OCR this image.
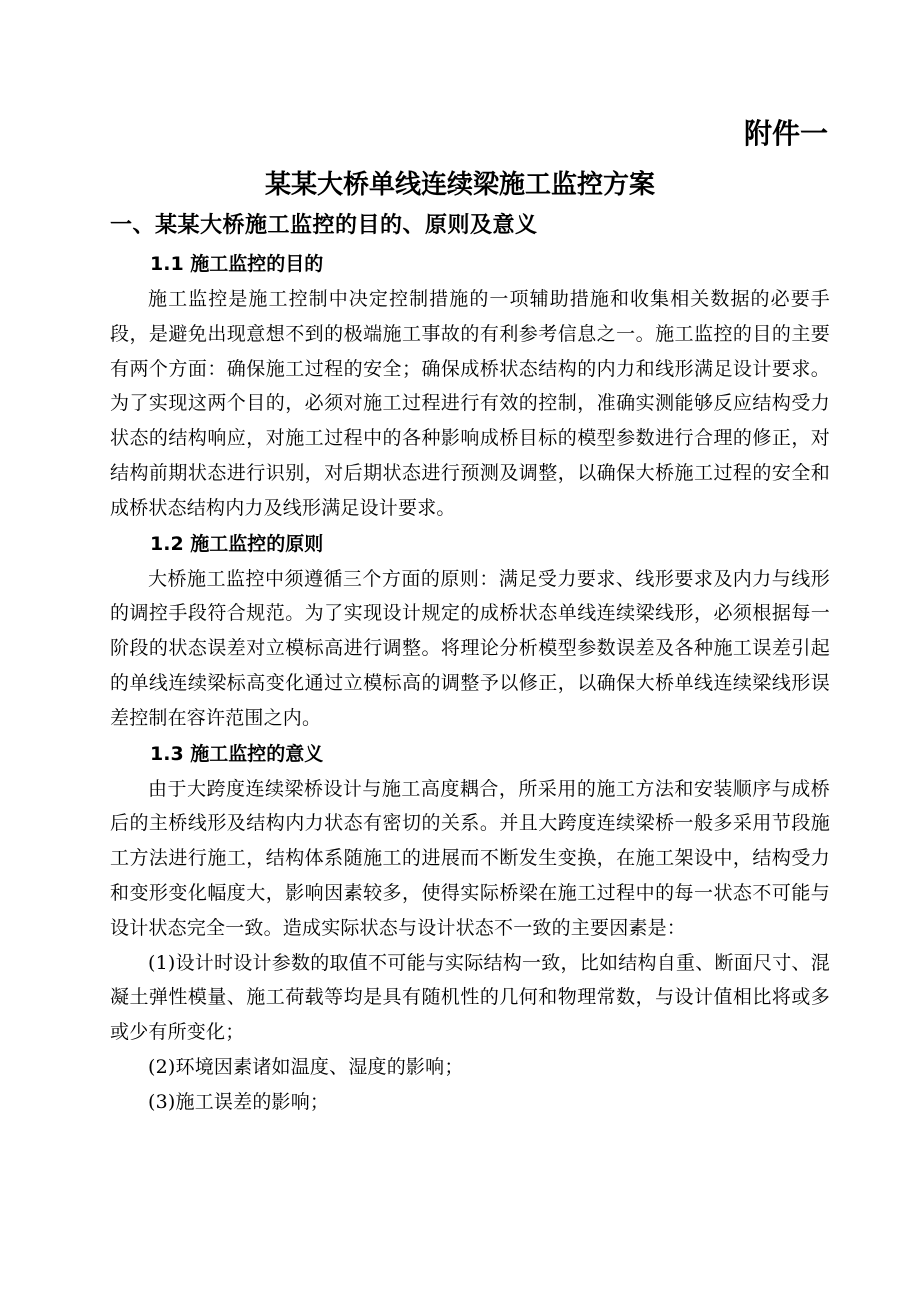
附件一
某某大桥单线连续梁施工监控方案
一、某某大桥施工监控的目的、原则及意义
1.1 施工监控的目的

施工监控是施工控制中决定控制措施的一项辅助措施和收集相关数据的必要手段，是避免出现意想不到的极端施工事故的有利参考信息之一。施工监控的目的主要有两个方面：确保施工过程的安全；确保成桥状态结构的内力和线形满足设计要求。为了实现这两个目的，必须对施工过程进行有效的控制，准确实测能够反应结构受力状态的结构响应，对施工过程中的各种影响成桥目标的模型参数进行合理的修正，对结构前期状态进行识别，对后期状态进行预测及调整，以确保大桥施工过程的安全和成桥状态结构内力及线形满足设计要求。

1.2 施工监控的原则

大桥施工监控中须遵循三个方面的原则：满足受力要求、线形要求及内力与线形的调控手段符合规范。为了实现设计规定的成桥状态单线连续梁线形，必须根据每一阶段的状态误差对立模标高进行调整。将理论分析模型参数误差及各种施工误差引起的单线连续梁标高变化通过立模标高的调整予以修正，以确保大桥单线连续梁线形误差控制在容许范围之内。

1.3 施工监控的意义

由于大跨度连续梁桥设计与施工高度耦合，所采用的施工方法和安装顺序与成桥后的主桥线形及结构内力状态有密切的关系。并且大跨度连续梁桥一般多采用节段施工方法进行施工，结构体系随施工的进展而不断发生变换，在施工架设中，结构受力和变形变化幅度大，影响因素较多，使得实际桥梁在施工过程中的每一状态不可能与设计状态完全一致。造成实际状态与设计状态不一致的主要因素是：

(1)设计时设计参数的取值不可能与实际结构一致，比如结构自重、断面尺寸、混凝土弹性模量、施工荷载等均是具有随机性的几何和物理常数，与设计值相比将或多或少有所变化；

(2)环境因素诸如温度、湿度的影响；

(3)施工误差的影响；
